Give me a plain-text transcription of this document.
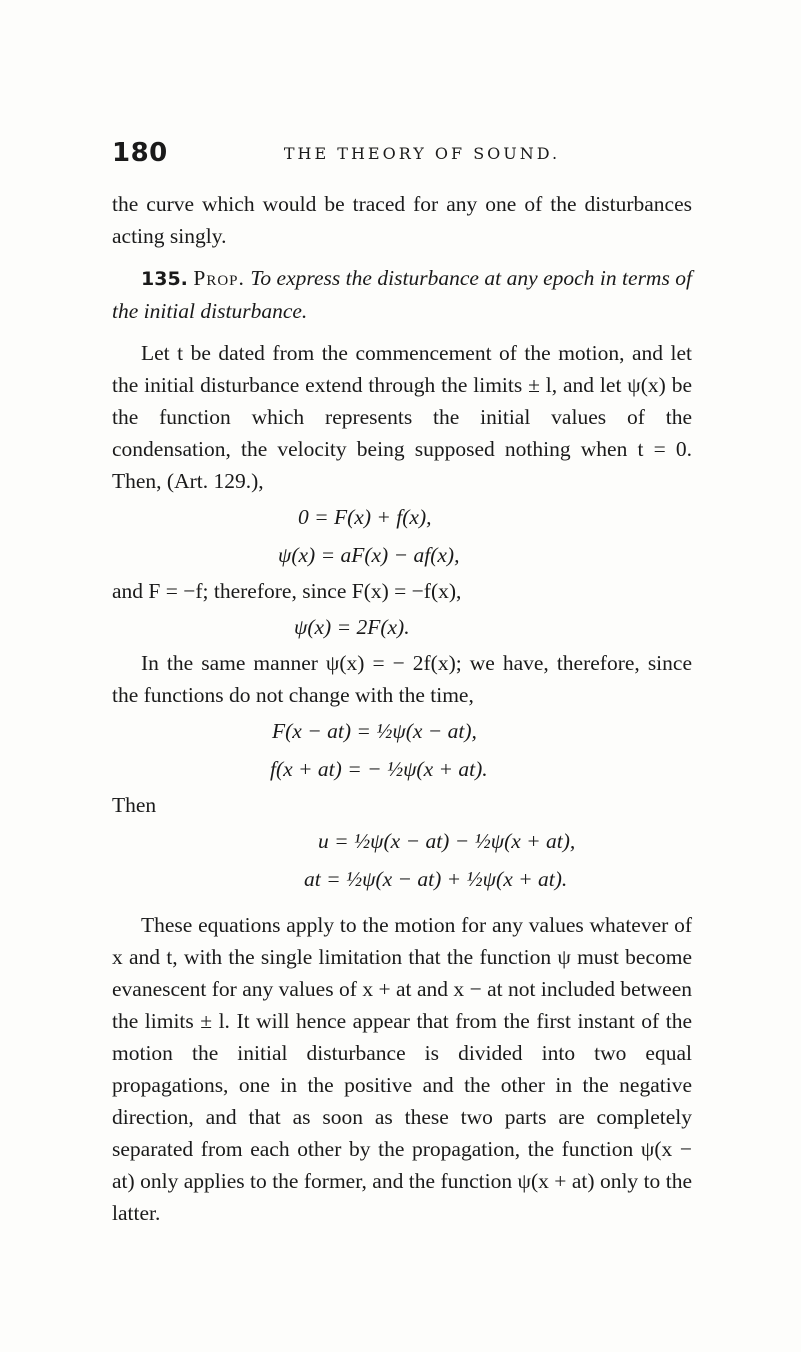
180	THE THEORY OF SOUND.

the curve which would be traced for any one of the disturbances acting singly.

135. Prop. To express the disturbance at any epoch in terms of the initial disturbance.

Let t be dated from the commencement of the motion, and let the initial disturbance extend through the limits ± l, and let ψ(x) be the function which represents the initial values of the condensation, the velocity being supposed nothing when t = 0. Then, (Art. 129.),

0 = F(x) + f(x),
ψ(x) = aF(x) − af(x),

and F = −f; therefore, since F(x) = −f(x),

ψ(x) = 2F(x).

In the same manner ψ(x) = − 2f(x); we have, therefore, since the functions do not change with the time,

F(x − at) = ½ψ(x − at),
f(x + at) = − ½ψ(x + at).
Then
u = ½ψ(x − at) − ½ψ(x + at),
at = ½ψ(x − at) + ½ψ(x + at).

These equations apply to the motion for any values whatever of x and t, with the single limitation that the function ψ must become evanescent for any values of x + at and x − at not included between the limits ± l. It will hence appear that from the first instant of the motion the initial disturbance is divided into two equal propagations, one in the positive and the other in the negative direction, and that as soon as these two parts are completely separated from each other by the propagation, the function ψ(x − at) only applies to the former, and the function ψ(x + at) only to the latter.
